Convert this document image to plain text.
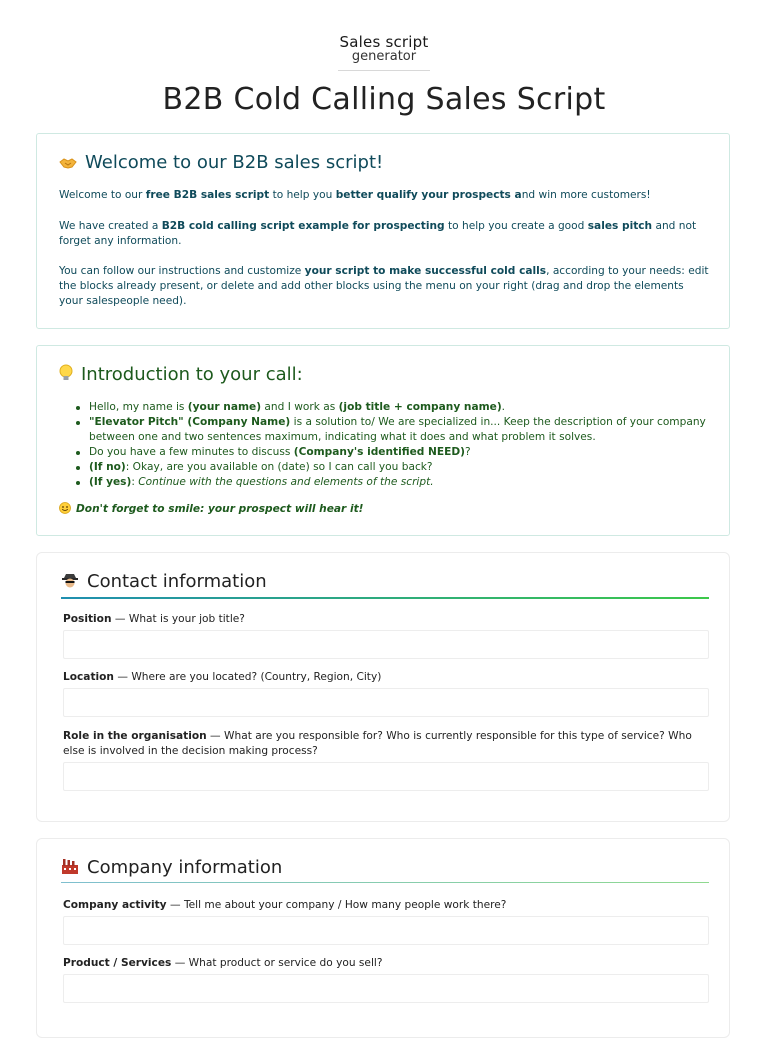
Sales script
generator
B2B Cold Calling Sales Script
Welcome to our B2B sales script!

Welcome to our free B2B sales script to help you better qualify your prospects and win more customers!

We have created a B2B cold calling script example for prospecting to help you create a good sales pitch and not forget any information.

You can follow our instructions and customize your script to make successful cold calls, according to your needs: edit the blocks already present, or delete and add other blocks using the menu on your right (drag and drop the elements your salespeople need).

Introduction to your call:
Hello, my name is (your name) and I work as (job title + company name).
"Elevator Pitch" (Company Name) is a solution to/ We are specialized in... Keep the description of your company between one and two sentences maximum, indicating what it does and what problem it solves.
Do you have a few minutes to discuss (Company's identified NEED)?
(If no): Okay, are you available on (date) so I can call you back?
(If yes): Continue with the questions and elements of the script.
Don't forget to smile: your prospect will hear it!
Contact information
Position — What is your job title?
Location — Where are you located? (Country, Region, City)
Role in the organisation — What are you responsible for? Who is currently responsible for this type of service? Who else is involved in the decision making process?
Company information
Company activity — Tell me about your company / How many people work there?
Product / Services — What product or service do you sell?
